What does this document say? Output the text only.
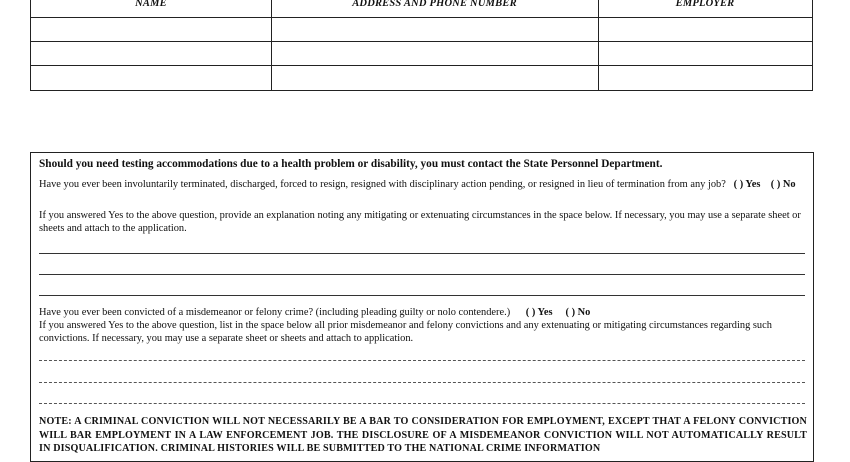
NAME	ADDRESS AND PHONE NUMBER	EMPLOYER

Should you need testing accommodations due to a health problem or disability, you must contact the State Personnel Department.

Have you ever been involuntarily terminated, discharged, forced to resign, resigned with disciplinary action pending, or resigned in lieu of termination from any job? ( ) Yes ( ) No

If you answered Yes to the above question, provide an explanation noting any mitigating or extenuating circumstances in the space below. If necessary, you may use a separate sheet or sheets and attach to the application.

Have you ever been convicted of a misdemeanor or felony crime? (including pleading guilty or nolo contendere.) ( ) Yes ( ) No

If you answered Yes to the above question, list in the space below all prior misdemeanor and felony convictions and any extenuating or mitigating circumstances regarding such convictions. If necessary, you may use a separate sheet or sheets and attach to application.

NOTE: A CRIMINAL CONVICTION WILL NOT NECESSARILY BE A BAR TO CONSIDERATION FOR EMPLOYMENT, EXCEPT THAT A FELONY CONVICTION WILL BAR EMPLOYMENT IN A LAW ENFORCEMENT JOB. THE DISCLOSURE OF A MISDEMEANOR CONVICTION WILL NOT AUTOMATICALLY RESULT IN DISQUALIFICATION. CRIMINAL HISTORIES WILL BE SUBMITTED TO THE NATIONAL CRIME INFORMATION
